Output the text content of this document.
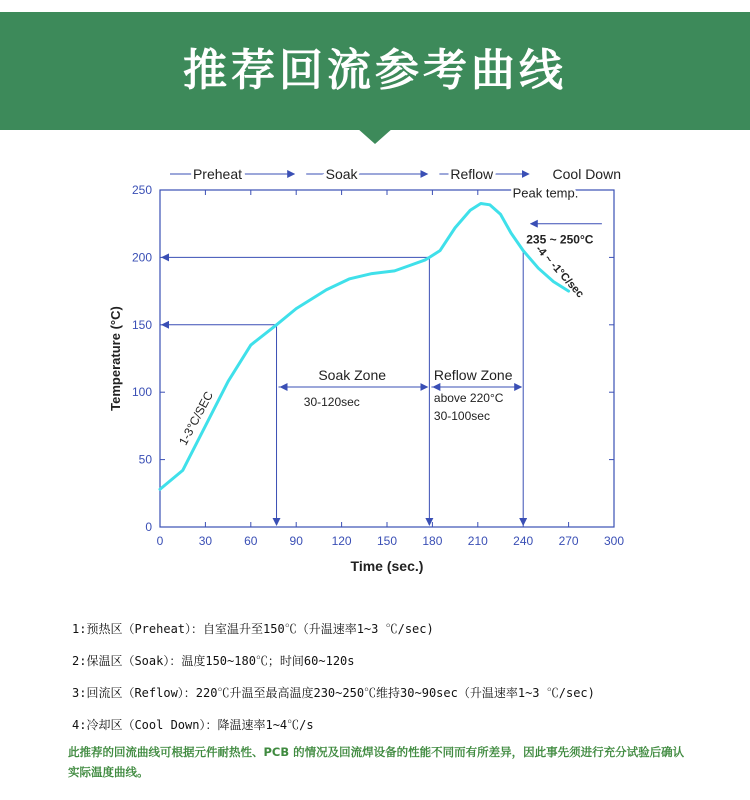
推荐回流参考曲线
0	30	60	90 120 150 180 210 240 270 300
0
50
100
150
200
250
Time (sec.)
Temperature (°C)
Preheat	Soak	Reflow	Cool Down
Peak temp.
235 ~ 250°C
1-3°C/SEC
-4 ~ -1°C/sec
Soak Zone
30-120sec
Reflow Zone
above 220°C
30-100sec
1:预热区（Preheat）：自室温升至150℃（升温速率1~3 ℃/sec)
2:保温区（Soak）：温度150~180℃；时间60~120s
3:回流区（Reflow）：220℃升温至最高温度230~250℃维持30~90sec（升温速率1~3 ℃/sec)
4:冷却区（Cool Down）：降温速率1~4℃/s
此推荐的回流曲线可根据元件耐热性、PCB 的情况及回流焊设备的性能不同而有所差异，因此事先须进行充分试验后确认实际温度曲线。
